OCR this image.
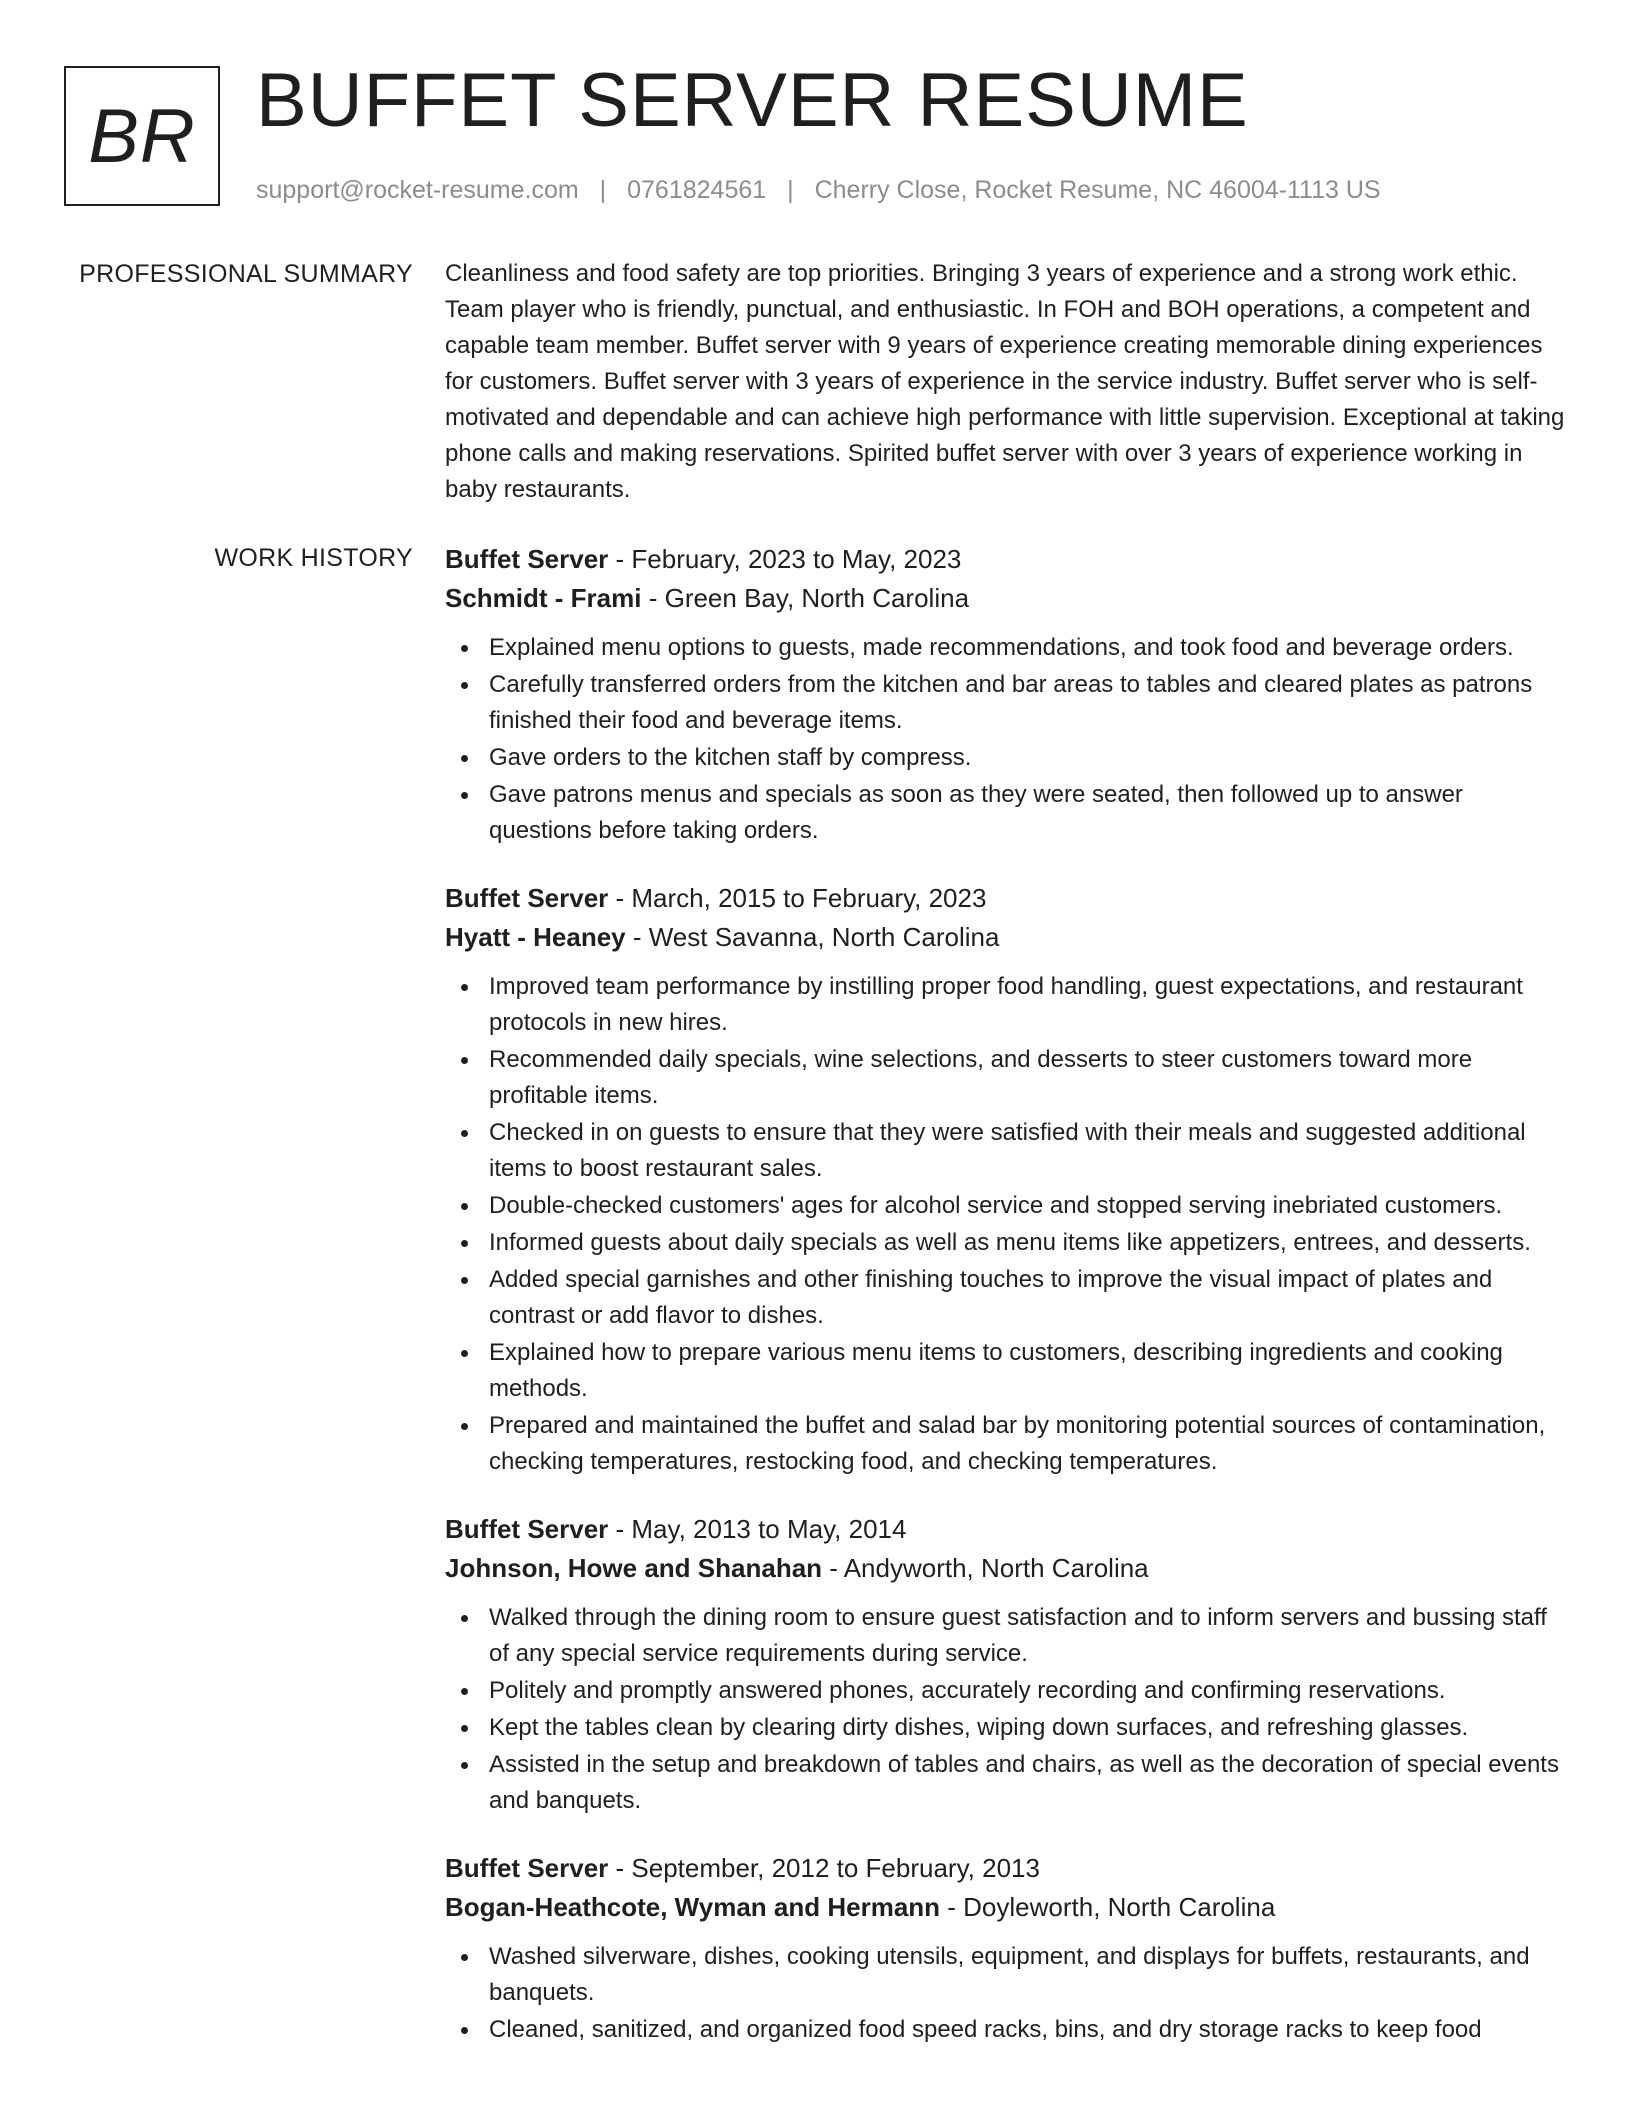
BR BUFFET SERVER RESUME
support@rocket-resume.com | 0761824561 | Cherry Close, Rocket Resume, NC 46004-1113 US
PROFESSIONAL SUMMARY Cleanliness and food safety are top priorities. Bringing 3 years of experience and a strong work ethic. Team player who is friendly, punctual, and enthusiastic. In FOH and BOH operations, a competent and capable team member. Buffet server with 9 years of experience creating memorable dining experiences for customers. Buffet server with 3 years of experience in the service industry. Buffet server who is self-motivated and dependable and can achieve high performance with little supervision. Exceptional at taking phone calls and making reservations. Spirited buffet server with over 3 years of experience working in baby restaurants.

WORK HISTORY Buffet Server - February, 2023 to May, 2023
Schmidt - Frami - Green Bay, North Carolina
Explained menu options to guests, made recommendations, and took food and beverage orders.
Carefully transferred orders from the kitchen and bar areas to tables and cleared plates as patrons finished their food and beverage items.
Gave orders to the kitchen staff by compress.
Gave patrons menus and specials as soon as they were seated, then followed up to answer questions before taking orders.
Buffet Server - March, 2015 to February, 2023
Hyatt - Heaney - West Savanna, North Carolina
Improved team performance by instilling proper food handling, guest expectations, and restaurant protocols in new hires.
Recommended daily specials, wine selections, and desserts to steer customers toward more profitable items.
Checked in on guests to ensure that they were satisfied with their meals and suggested additional items to boost restaurant sales.
Double-checked customers' ages for alcohol service and stopped serving inebriated customers.
Informed guests about daily specials as well as menu items like appetizers, entrees, and desserts.
Added special garnishes and other finishing touches to improve the visual impact of plates and contrast or add flavor to dishes.
Explained how to prepare various menu items to customers, describing ingredients and cooking methods.
Prepared and maintained the buffet and salad bar by monitoring potential sources of contamination, checking temperatures, restocking food, and checking temperatures.
Buffet Server - May, 2013 to May, 2014
Johnson, Howe and Shanahan - Andyworth, North Carolina
Walked through the dining room to ensure guest satisfaction and to inform servers and bussing staff of any special service requirements during service.
Politely and promptly answered phones, accurately recording and confirming reservations.
Kept the tables clean by clearing dirty dishes, wiping down surfaces, and refreshing glasses.
Assisted in the setup and breakdown of tables and chairs, as well as the decoration of special events and banquets.
Buffet Server - September, 2012 to February, 2013
Bogan-Heathcote, Wyman and Hermann - Doyleworth, North Carolina
Washed silverware, dishes, cooking utensils, equipment, and displays for buffets, restaurants, and banquets.
Cleaned, sanitized, and organized food speed racks, bins, and dry storage racks to keep food
